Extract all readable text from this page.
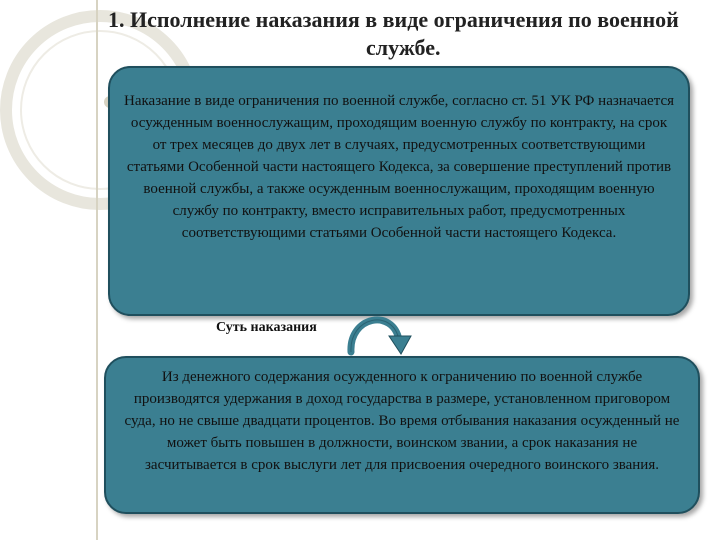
1. Исполнение наказания в виде ограничения по военной
службе.
Наказание в виде ограничения по военной службе, согласно ст. 51 УК РФ назначается осужденным военнослужащим, проходящим военную службу по контракту, на срок от трех месяцев до двух лет в случаях, предусмотренных соответствующими статьями Особенной части настоящего Кодекса, за совершение преступлений против военной службы, а также осужденным военнослужащим, проходящим военную службу по контракту, вместо исправительных работ, предусмотренных соответствующими статьями Особенной части настоящего Кодекса.
Суть наказания
Из денежного содержания осужденного к ограничению по военной службе производятся удержания в доход государства в размере, установленном приговором суда, но не свыше двадцати процентов. Во время отбывания наказания осужденный не может быть повышен в должности, воинском звании, а срок наказания не засчитывается в срок выслуги лет для присвоения очередного воинского звания.
